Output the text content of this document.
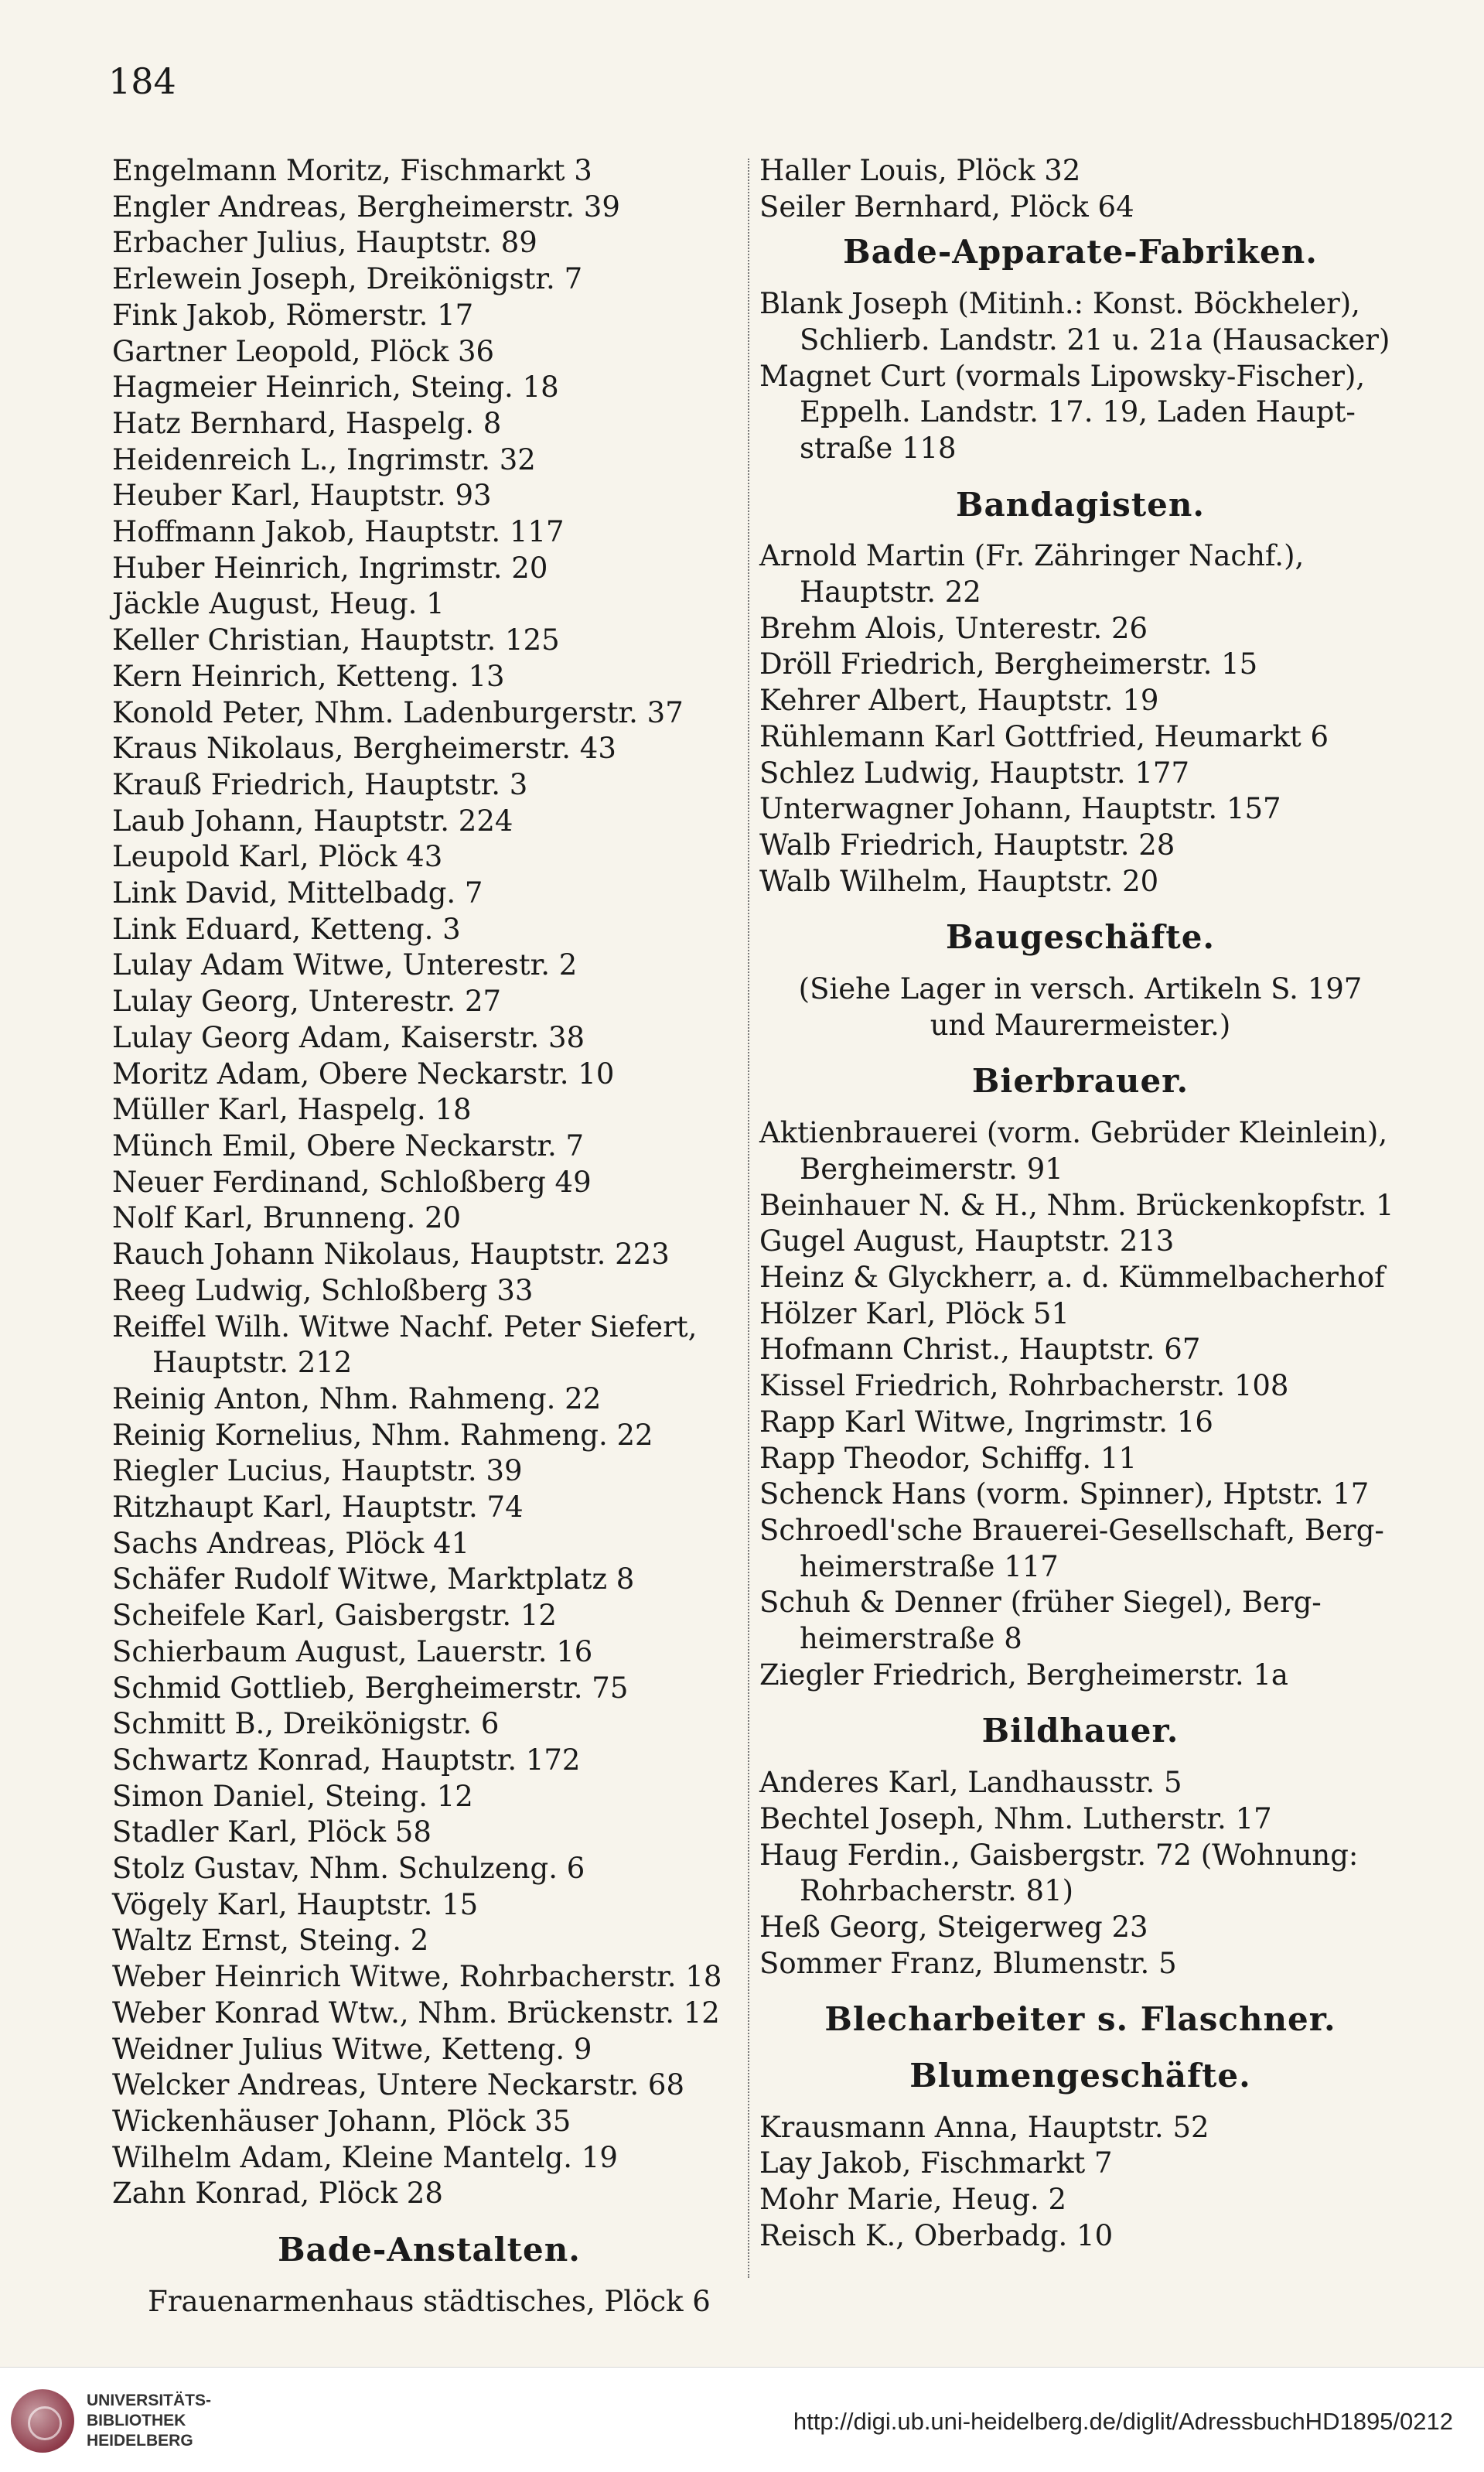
184
Engelmann Moritz, Fischmarkt 3
Engler Andreas, Bergheimerstr. 39
Erbacher Julius, Hauptstr. 89
Erlewein Joseph, Dreikönigstr. 7
Fink Jakob, Römerstr. 17
Gartner Leopold, Plöck 36
Hagmeier Heinrich, Steing. 18
Hatz Bernhard, Haspelg. 8
Heidenreich L., Ingrimstr. 32
Heuber Karl, Hauptstr. 93
Hoffmann Jakob, Hauptstr. 117
Huber Heinrich, Ingrimstr. 20
Jäckle August, Heug. 1
Keller Christian, Hauptstr. 125
Kern Heinrich, Ketteng. 13
Konold Peter, Nhm. Ladenburgerstr. 37
Kraus Nikolaus, Bergheimerstr. 43
Krauß Friedrich, Hauptstr. 3
Laub Johann, Hauptstr. 224
Leupold Karl, Plöck 43
Link David, Mittelbadg. 7
Link Eduard, Ketteng. 3
Lulay Adam Witwe, Unterestr. 2
Lulay Georg, Unterestr. 27
Lulay Georg Adam, Kaiserstr. 38
Moritz Adam, Obere Neckarstr. 10
Müller Karl, Haspelg. 18
Münch Emil, Obere Neckarstr. 7
Neuer Ferdinand, Schloßberg 49
Nolf Karl, Brunneng. 20
Rauch Johann Nikolaus, Hauptstr. 223
Reeg Ludwig, Schloßberg 33
Reiffel Wilh. Witwe Nachf. Peter Siefert,
Hauptstr. 212
Reinig Anton, Nhm. Rahmeng. 22
Reinig Kornelius, Nhm. Rahmeng. 22
Riegler Lucius, Hauptstr. 39
Ritzhaupt Karl, Hauptstr. 74
Sachs Andreas, Plöck 41
Schäfer Rudolf Witwe, Marktplatz 8
Scheifele Karl, Gaisbergstr. 12
Schierbaum August, Lauerstr. 16
Schmid Gottlieb, Bergheimerstr. 75
Schmitt B., Dreikönigstr. 6
Schwartz Konrad, Hauptstr. 172
Simon Daniel, Steing. 12
Stadler Karl, Plöck 58
Stolz Gustav, Nhm. Schulzeng. 6
Vögely Karl, Hauptstr. 15
Waltz Ernst, Steing. 2
Weber Heinrich Witwe, Rohrbacherstr. 18
Weber Konrad Wtw., Nhm. Brückenstr. 12
Weidner Julius Witwe, Ketteng. 9
Welcker Andreas, Untere Neckarstr. 68
Wickenhäuser Johann, Plöck 35
Wilhelm Adam, Kleine Mantelg. 19
Zahn Konrad, Plöck 28
Bade-Anstalten.
Frauenarmenhaus städtisches, Plöck 6
Haller Louis, Plöck 32
Seiler Bernhard, Plöck 64
Bade-Apparate-Fabriken.
Blank Joseph (Mitinh.: Konst. Böckheler),
Schlierb. Landstr. 21 u. 21a (Hausacker)
Magnet Curt (vormals Lipowsky-Fischer),
Eppelh. Landstr. 17. 19, Laden Haupt-
straße 118
Bandagisten.
Arnold Martin (Fr. Zähringer Nachf.),
Hauptstr. 22
Brehm Alois, Unterestr. 26
Dröll Friedrich, Bergheimerstr. 15
Kehrer Albert, Hauptstr. 19
Rühlemann Karl Gottfried, Heumarkt 6
Schlez Ludwig, Hauptstr. 177
Unterwagner Johann, Hauptstr. 157
Walb Friedrich, Hauptstr. 28
Walb Wilhelm, Hauptstr. 20
Baugeschäfte.
(Siehe Lager in versch. Artikeln S. 197
und Maurermeister.)
Bierbrauer.
Aktienbrauerei (vorm. Gebrüder Kleinlein),
Bergheimerstr. 91
Beinhauer N. & H., Nhm. Brückenkopfstr. 1
Gugel August, Hauptstr. 213
Heinz & Glyckherr, a. d. Kümmelbacherhof
Hölzer Karl, Plöck 51
Hofmann Christ., Hauptstr. 67
Kissel Friedrich, Rohrbacherstr. 108
Rapp Karl Witwe, Ingrimstr. 16
Rapp Theodor, Schiffg. 11
Schenck Hans (vorm. Spinner), Hptstr. 17
Schroedl'sche Brauerei-Gesellschaft, Berg-
heimerstraße 117
Schuh & Denner (früher Siegel), Berg-
heimerstraße 8
Ziegler Friedrich, Bergheimerstr. 1a
Bildhauer.
Anderes Karl, Landhausstr. 5
Bechtel Joseph, Nhm. Lutherstr. 17
Haug Ferdin., Gaisbergstr. 72 (Wohnung:
Rohrbacherstr. 81)
Heß Georg, Steigerweg 23
Sommer Franz, Blumenstr. 5
Blecharbeiter s. Flaschner.
Blumengeschäfte.
Krausmann Anna, Hauptstr. 52
Lay Jakob, Fischmarkt 7
Mohr Marie, Heug. 2
Reisch K., Oberbadg. 10
UNIVERSITÄTS-
BIBLIOTHEK
HEIDELBERG
http://digi.ub.uni-heidelberg.de/diglit/AdressbuchHD1895/0212
